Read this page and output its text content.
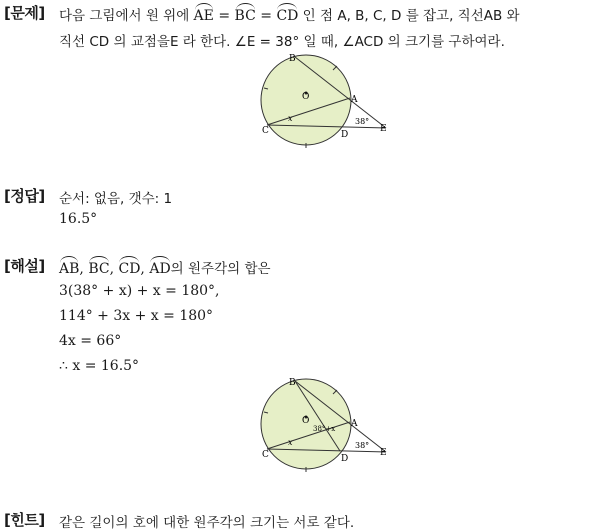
[문제] 다음 그림에서 원 위에 AE = BC = CD 인 점 A, B, C, D 를 잡고, 직선AB 와
직선 CD 의 교점을E 라 한다. ∠E = 38° 일 때, ∠ACD 의 크기를 구하여라.
B
A
C	D
E
O
38°
x
[정답] 순서: 없음, 갯수: 1
16.5°
[해설] AB, BC, CD, AD의 원주각의 합은
3(38° + x) + x = 180°,
114° + 3x + x = 180°
4x = 66°
∴ x = 16.5°
B
A
C	D
E
O
38°
38°+x
x
[힌트] 같은 길이의 호에 대한 원주각의 크기는 서로 같다.
